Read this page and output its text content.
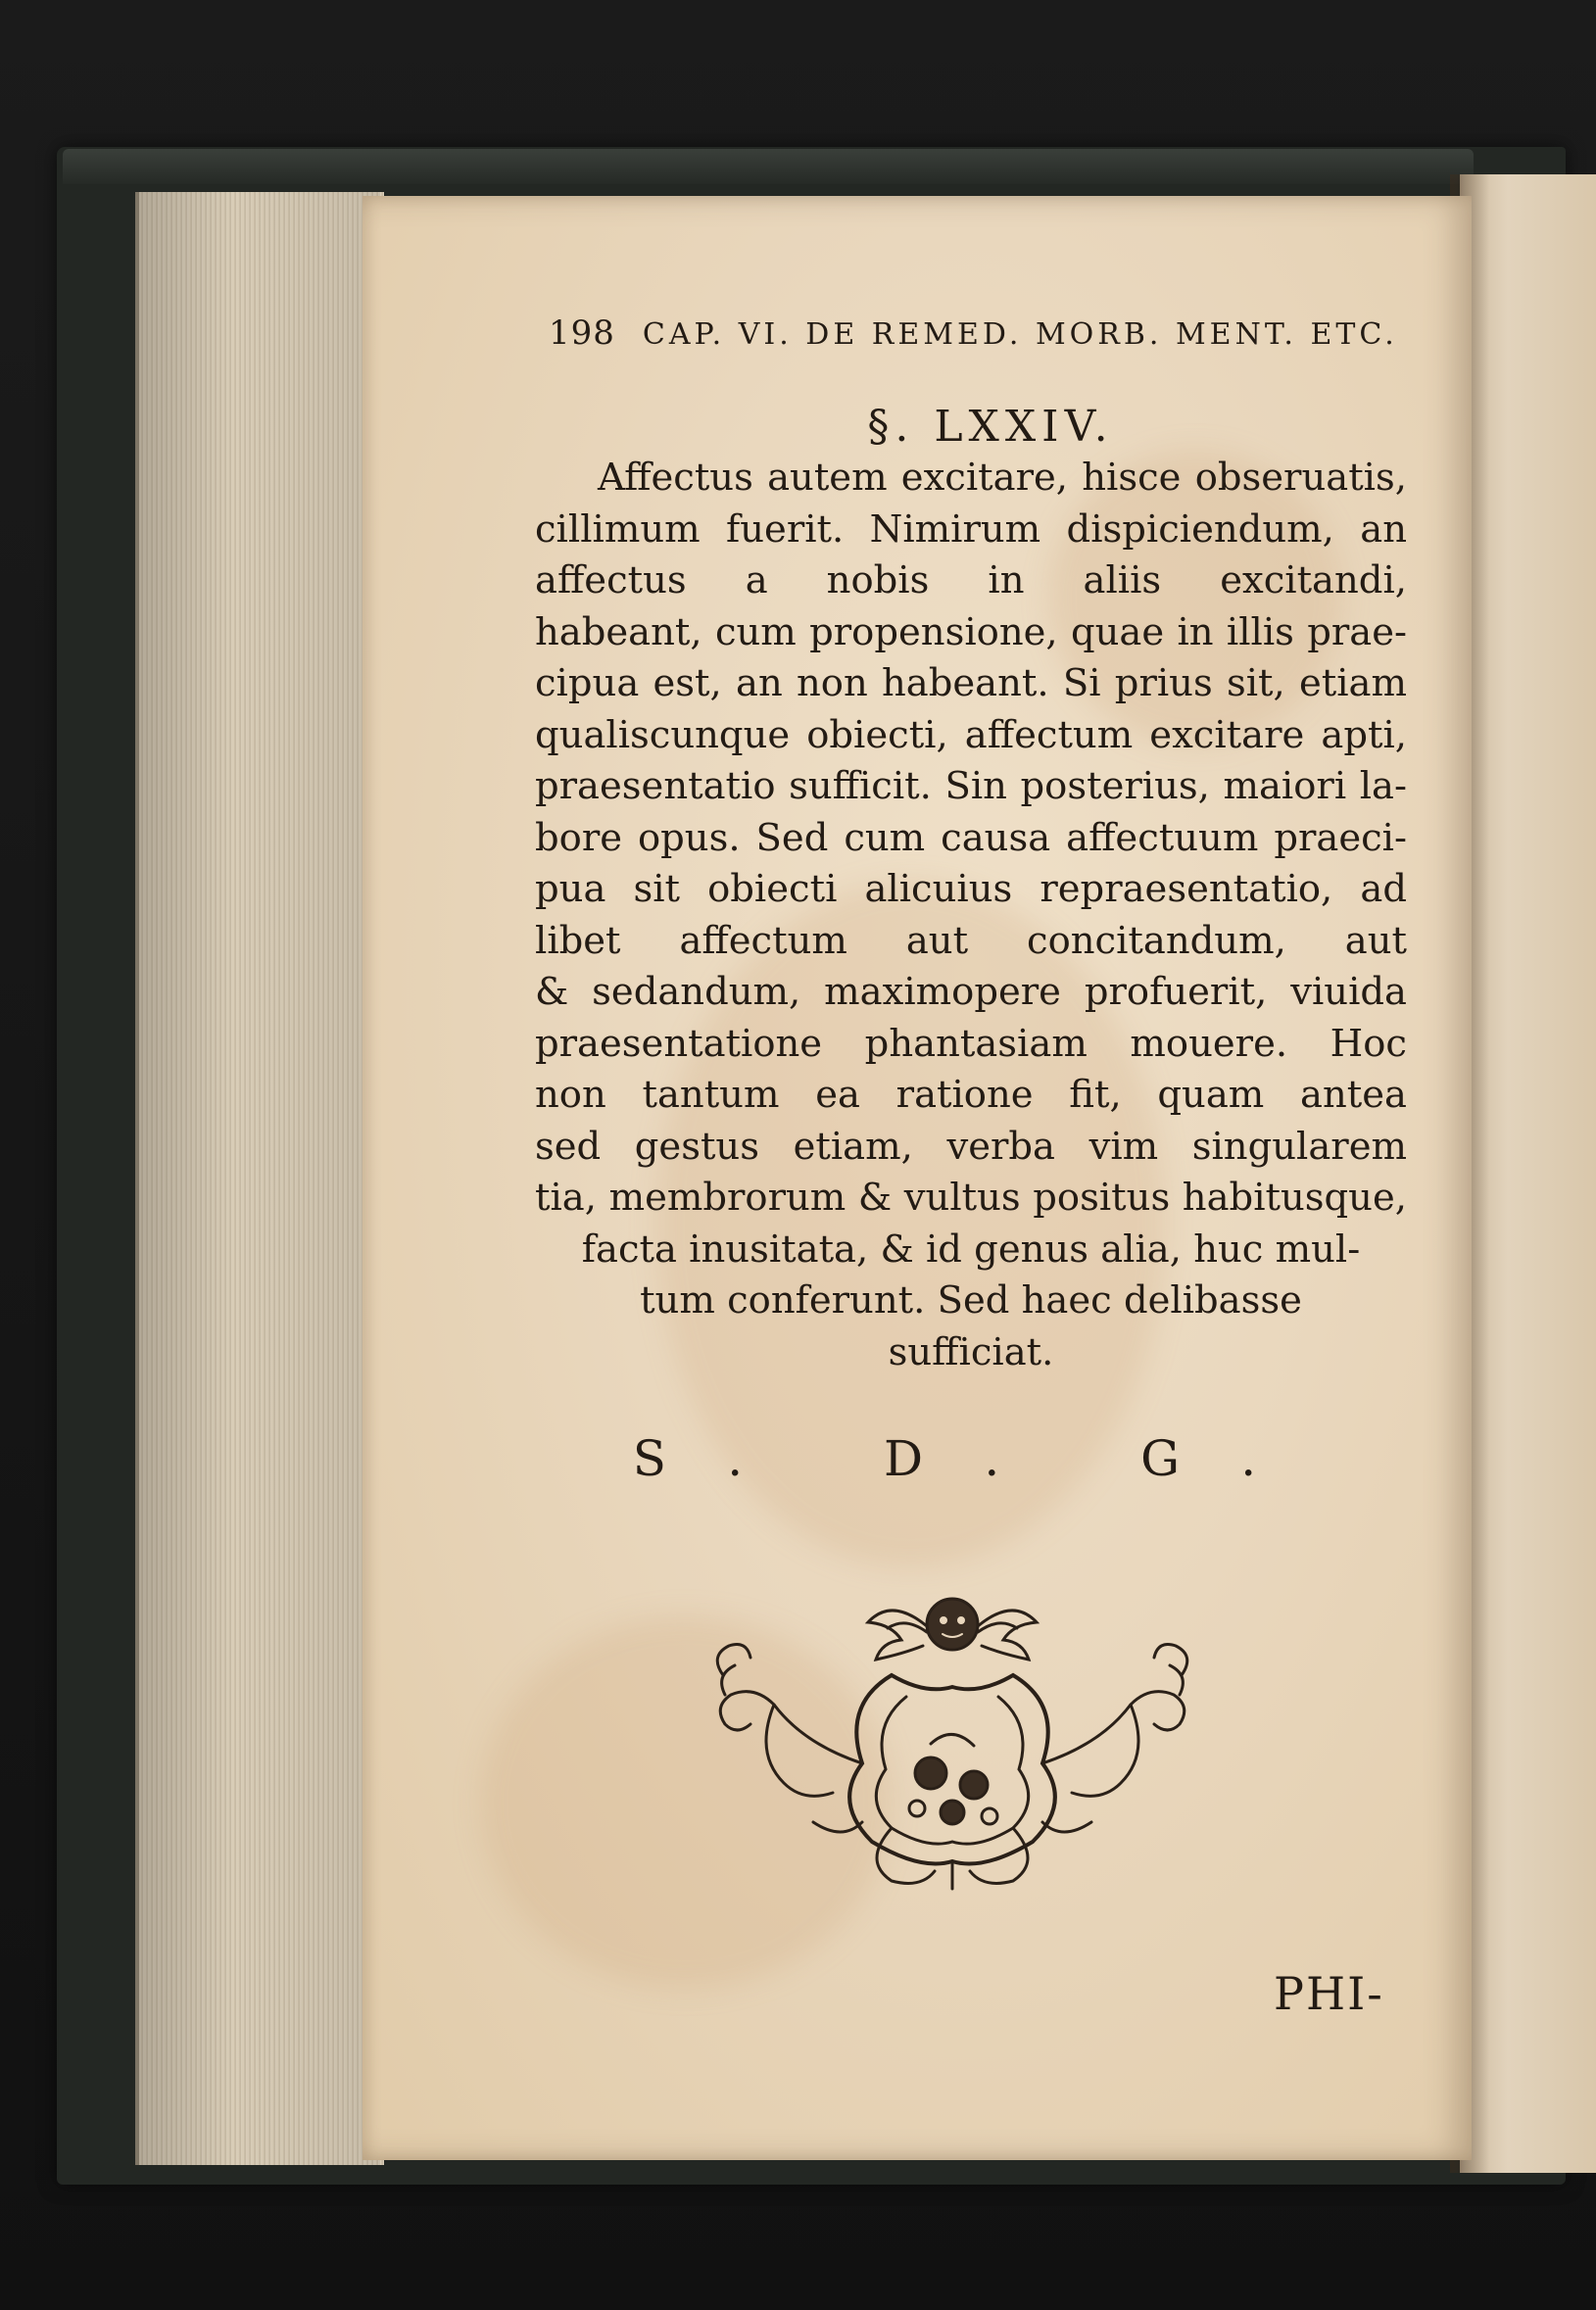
198 CAP. VI. DE REMED. MORB. MENT. ETC.
§. LXXIV.
Affectus autem excitare, hisce obseruatis,
cillimum fuerit. Nimirum dispiciendum, an
affectus a nobis in aliis excitandi,
habeant, cum propensione, quae in illis prae-
cipua est, an non habeant. Si prius sit, etiam
qualiscunque obiecti, affectum excitare apti,
praesentatio sufficit. Sin posterius, maiori la-
bore opus. Sed cum causa affectuum praeci-
pua sit obiecti alicuius repraesentatio, ad
libet affectum aut concitandum, aut
& sedandum, maximopere profuerit, viuida
praesentatione phantasiam mouere. Hoc
non tantum ea ratione fit, quam antea
sed gestus etiam, verba vim singularem
tia, membrorum & vultus positus habitusque,
facta inusitata, & id genus alia, huc mul-
tum conferunt. Sed haec delibasse
sufficiat.
S. D. G.
PHI-
